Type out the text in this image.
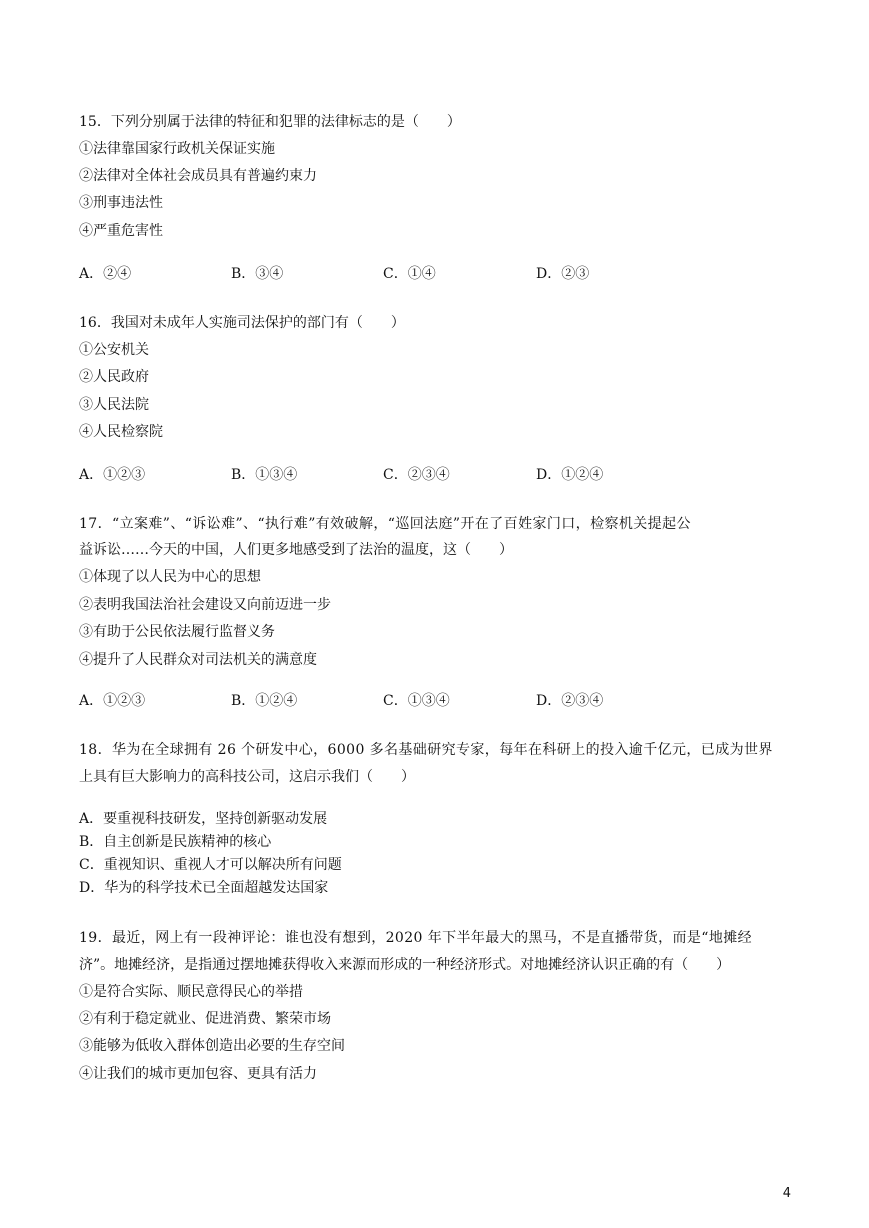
15．下列分别属于法律的特征和犯罪的法律标志的是（　　）
①法律靠国家行政机关保证实施
②法律对全体社会成员具有普遍约束力
③刑事违法性
④严重危害性
A．②④	B．③④	C．①④	D．②③
16．我国对未成年人实施司法保护的部门有（　　）
①公安机关
②人民政府
③人民法院
④人民检察院
A．①②③	B．①③④	C．②③④	D．①②④
17．“立案难”、“诉讼难”、“执行难”有效破解，“巡回法庭”开在了百姓家门口，检察机关提起公
益诉讼……今天的中国，人们更多地感受到了法治的温度，这（　　）
①体现了以人民为中心的思想
②表明我国法治社会建设又向前迈进一步
③有助于公民依法履行监督义务
④提升了人民群众对司法机关的满意度
A．①②③	B．①②④	C．①③④	D．②③④
18．华为在全球拥有 26 个研发中心，6000 多名基础研究专家，每年在科研上的投入逾千亿元，已成为世界
上具有巨大影响力的高科技公司，这启示我们（　　）
A．要重视科技研发，坚持创新驱动发展
B．自主创新是民族精神的核心
C．重视知识、重视人才可以解决所有问题
D．华为的科学技术已全面超越发达国家
19．最近，网上有一段神评论：谁也没有想到，2020 年下半年最大的黑马，不是直播带货，而是“地摊经
济”。地摊经济，是指通过摆地摊获得收入来源而形成的一种经济形式。对地摊经济认识正确的有（　　）
①是符合实际、顺民意得民心的举措
②有利于稳定就业、促进消费、繁荣市场
③能够为低收入群体创造出必要的生存空间
④让我们的城市更加包容、更具有活力
4
